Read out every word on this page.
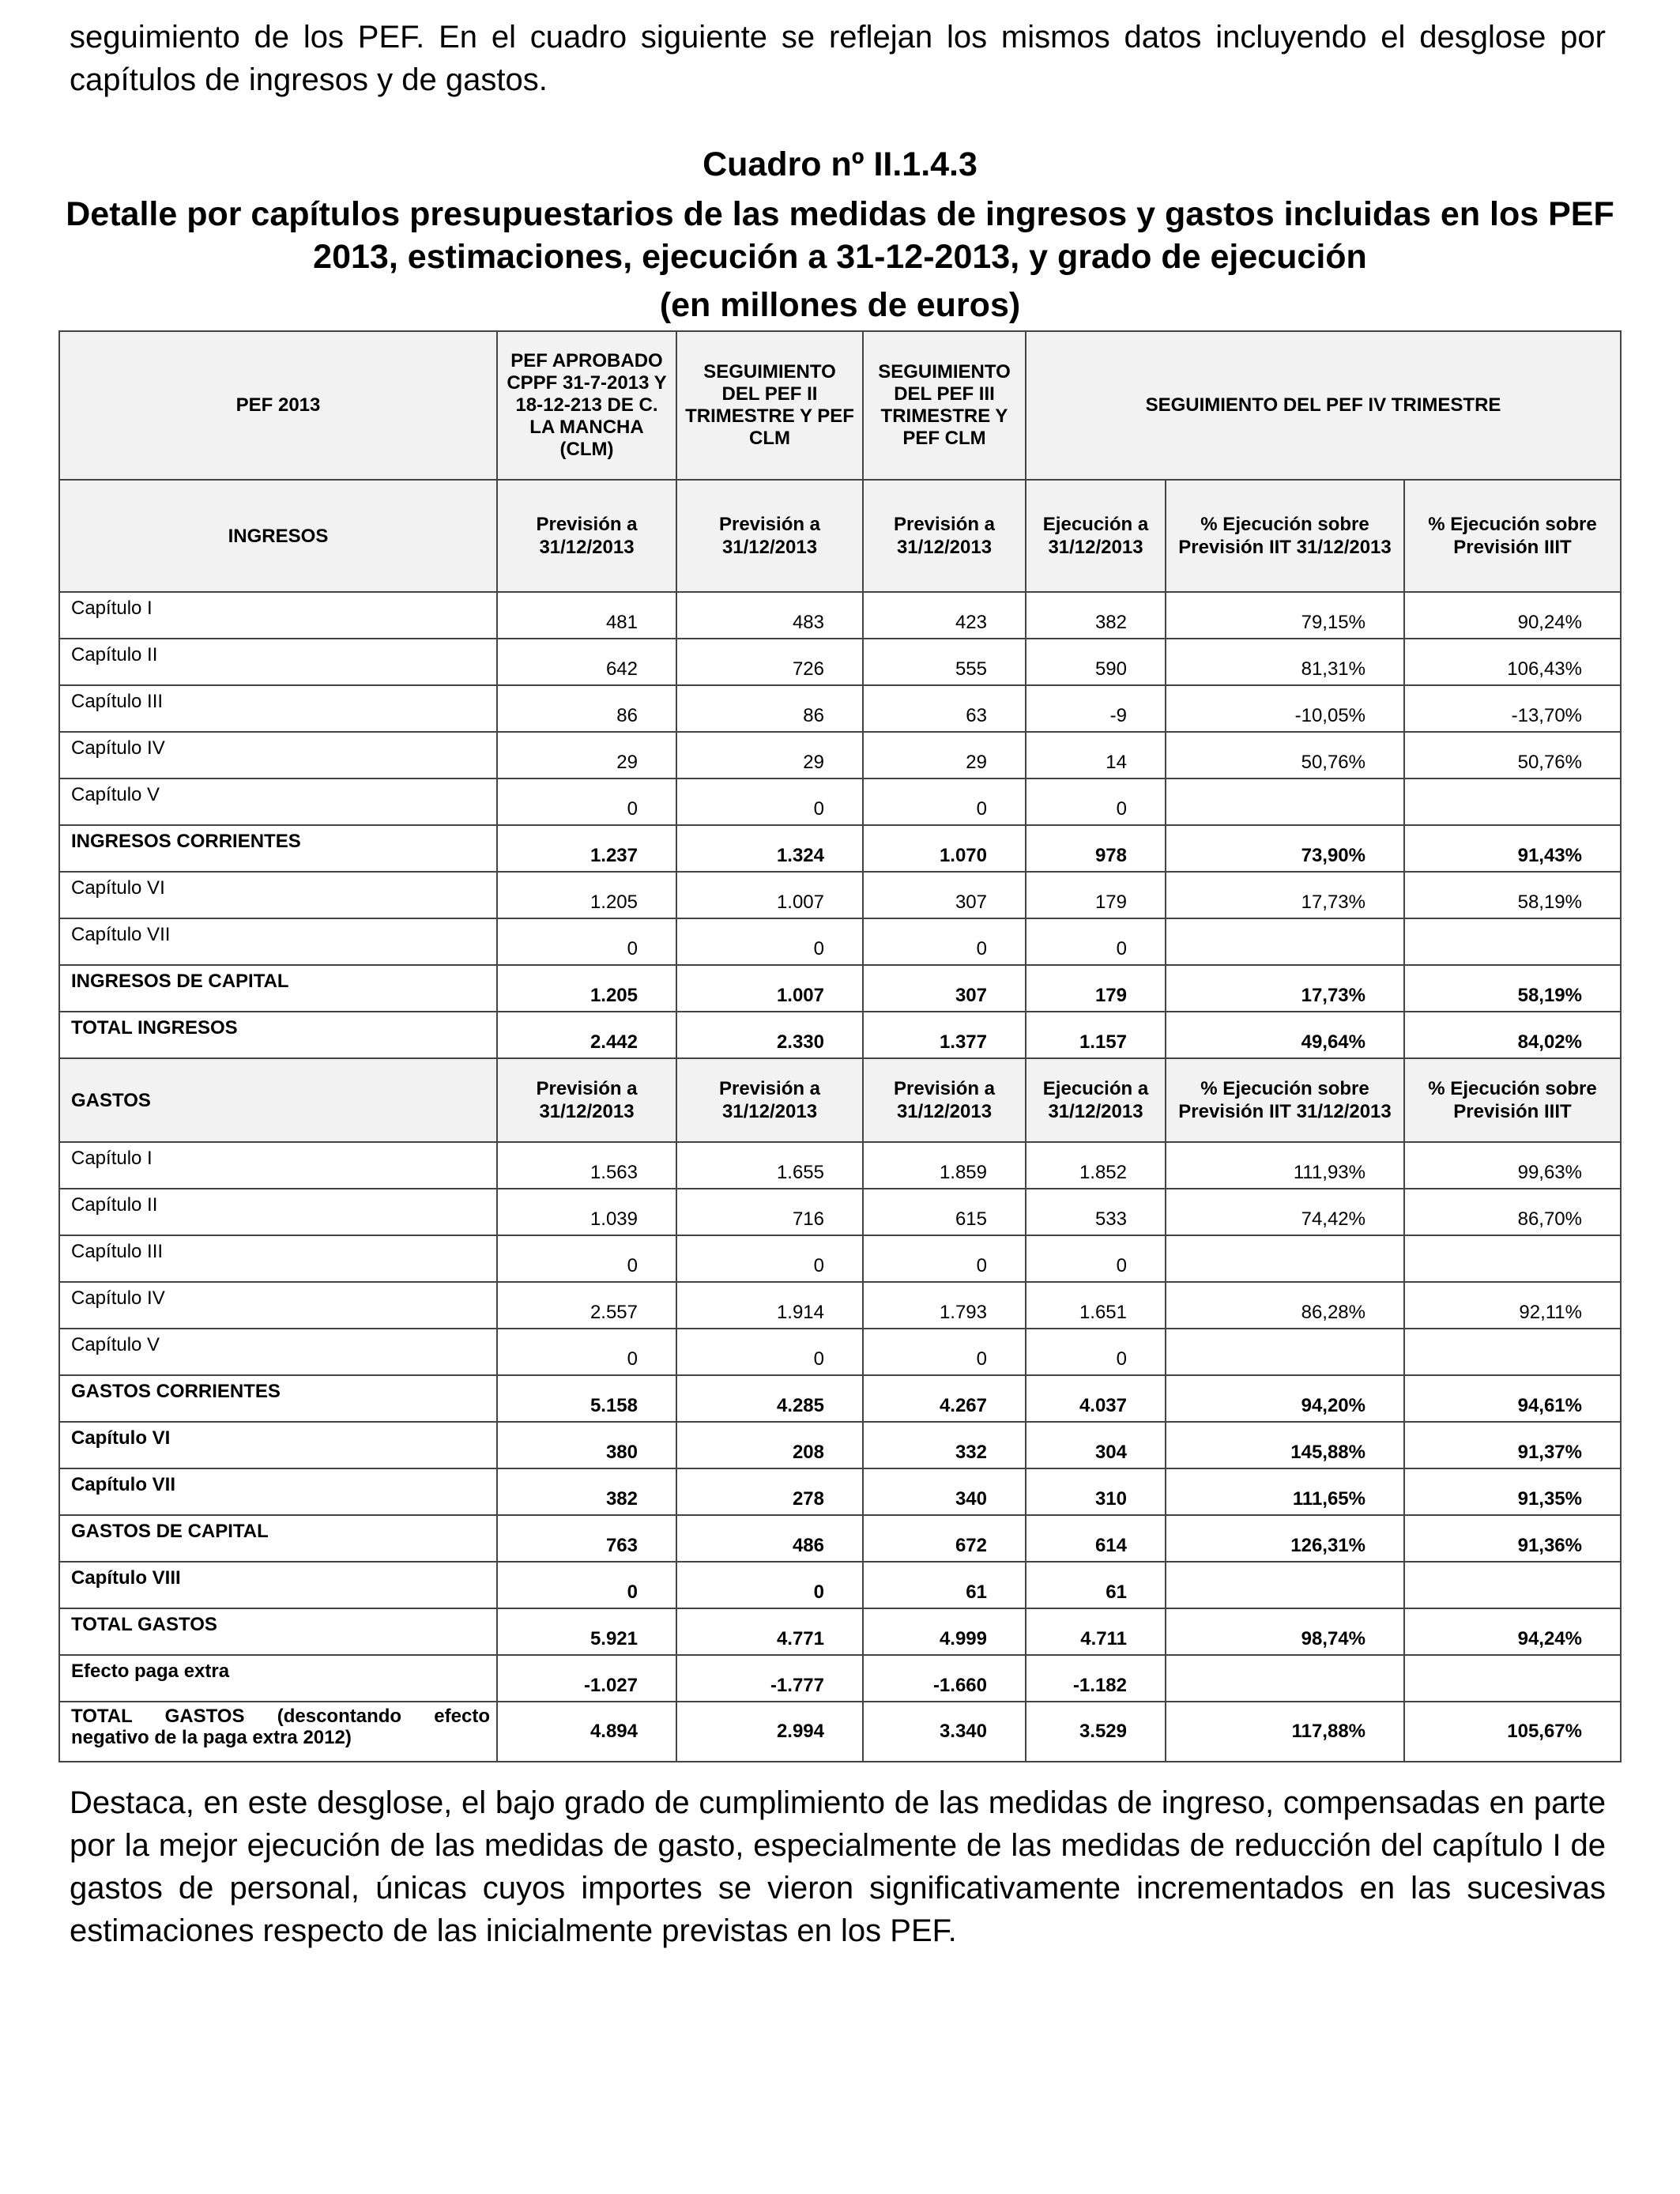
seguimiento de los PEF. En el cuadro siguiente se reflejan los mismos datos incluyendo el desglose por capítulos de ingresos y de gastos.
Cuadro nº II.1.4.3
Detalle por capítulos presupuestarios de las medidas de ingresos y gastos incluidas en los PEF 2013, estimaciones, ejecución a 31-12-2013, y grado de ejecución
(en millones de euros)
PEF 2013	PEF APROBADO CPPF 31-7-2013 Y 18-12-213 DE C. LA MANCHA (CLM)	SEGUIMIENTO DEL PEF II TRIMESTRE Y PEF CLM	SEGUIMIENTO DEL PEF III TRIMESTRE Y PEF CLM	SEGUIMIENTO DEL PEF IV TRIMESTRE		
INGRESOS	Previsión a 31/12/2013	Previsión a 31/12/2013	Previsión a 31/12/2013	Ejecución a 31/12/2013	% Ejecución sobre Previsión IIT 31/12/2013	% Ejecución sobre Previsión IIIT
Capítulo I	481	483	423	382	79,15%	90,24%
Capítulo II	642	726	555	590	81,31%	106,43%
Capítulo III	86	86	63	-9	-10,05%	-13,70%
Capítulo IV	29	29	29	14	50,76%	50,76%
Capítulo V	0	0	0	0		
INGRESOS CORRIENTES	1.237	1.324	1.070	978	73,90%	91,43%
Capítulo VI	1.205	1.007	307	179	17,73%	58,19%
Capítulo VII	0	0	0	0		
INGRESOS DE CAPITAL	1.205	1.007	307	179	17,73%	58,19%
TOTAL INGRESOS	2.442	2.330	1.377	1.157	49,64%	84,02%
GASTOS	Previsión a 31/12/2013	Previsión a 31/12/2013	Previsión a 31/12/2013	Ejecución a 31/12/2013	% Ejecución sobre Previsión IIT 31/12/2013	% Ejecución sobre Previsión IIIT
Capítulo I	1.563	1.655	1.859	1.852	111,93%	99,63%
Capítulo II	1.039	716	615	533	74,42%	86,70%
Capítulo III	0	0	0	0		
Capítulo IV	2.557	1.914	1.793	1.651	86,28%	92,11%
Capítulo V	0	0	0	0		
GASTOS CORRIENTES	5.158	4.285	4.267	4.037	94,20%	94,61%
Capítulo VI	380	208	332	304	145,88%	91,37%
Capítulo VII	382	278	340	310	111,65%	91,35%
GASTOS DE CAPITAL	763	486	672	614	126,31%	91,36%
Capítulo VIII	0	0	61	61		
TOTAL GASTOS	5.921	4.771	4.999	4.711	98,74%	94,24%
Efecto paga extra	-1.027	-1.777	-1.660	-1.182		
TOTAL GASTOS (descontando efecto negativo de la paga extra 2012)	4.894	2.994	3.340	3.529	117,88%	105,67%
Destaca, en este desglose, el bajo grado de cumplimiento de las medidas de ingreso, compensadas en parte por la mejor ejecución de las medidas de gasto, especialmente de las medidas de reducción del capítulo I de gastos de personal, únicas cuyos importes se vieron significativamente incrementados en las sucesivas estimaciones respecto de las inicialmente previstas en los PEF.
